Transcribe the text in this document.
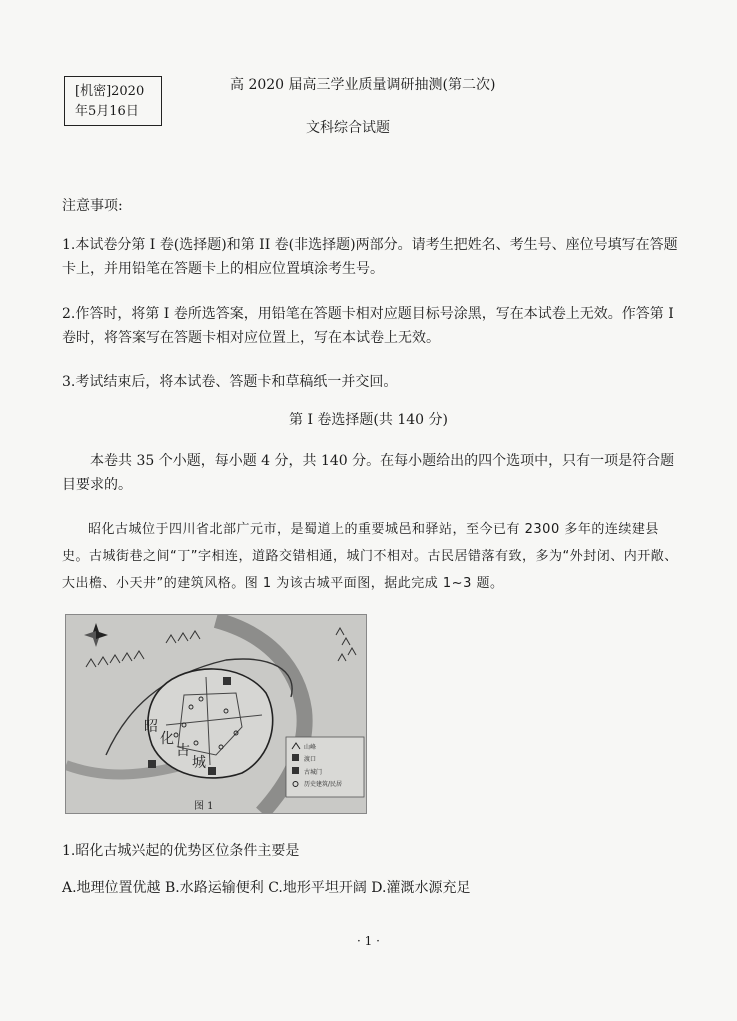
[机密]2020
年5月16日
高 2020 届高三学业质量调研抽测(第二次)
文科综合试题
注意事项:
1.本试卷分第 I 卷(选择题)和第 II 卷(非选择题)两部分。请考生把姓名、考生号、座位号填写在答题卡上，并用铅笔在答题卡上的相应位置填涂考生号。
2.作答时，将第 I 卷所选答案，用铅笔在答题卡相对应题目标号涂黑，写在本试卷上无效。作答第 I 卷时，将答案写在答题卡相对应位置上，写在本试卷上无效。
3.考试结束后，将本试卷、答题卡和草稿纸一并交回。
第 I 卷选择题(共 140 分)
本卷共 35 个小题，每小题 4 分，共 140 分。在每小题给出的四个选项中，只有一项是符合题目要求的。
昭化古城位于四川省北部广元市，是蜀道上的重要城邑和驿站，至今已有 2300 多年的连续建县史。古城街巷之间“丁”字相连，道路交错相通，城门不相对。古民居错落有致，多为“外封闭、内开敞、大出檐、小天井”的建筑风格。图 1 为该古城平面图，据此完成 1~3 题。
昭
化
古
城
山峰
渡口
古城门
历史建筑/民居
图 1
1.昭化古城兴起的优势区位条件主要是
A.地理位置优越 B.水路运输便利 C.地形平坦开阔 D.灌溉水源充足
· 1 ·
